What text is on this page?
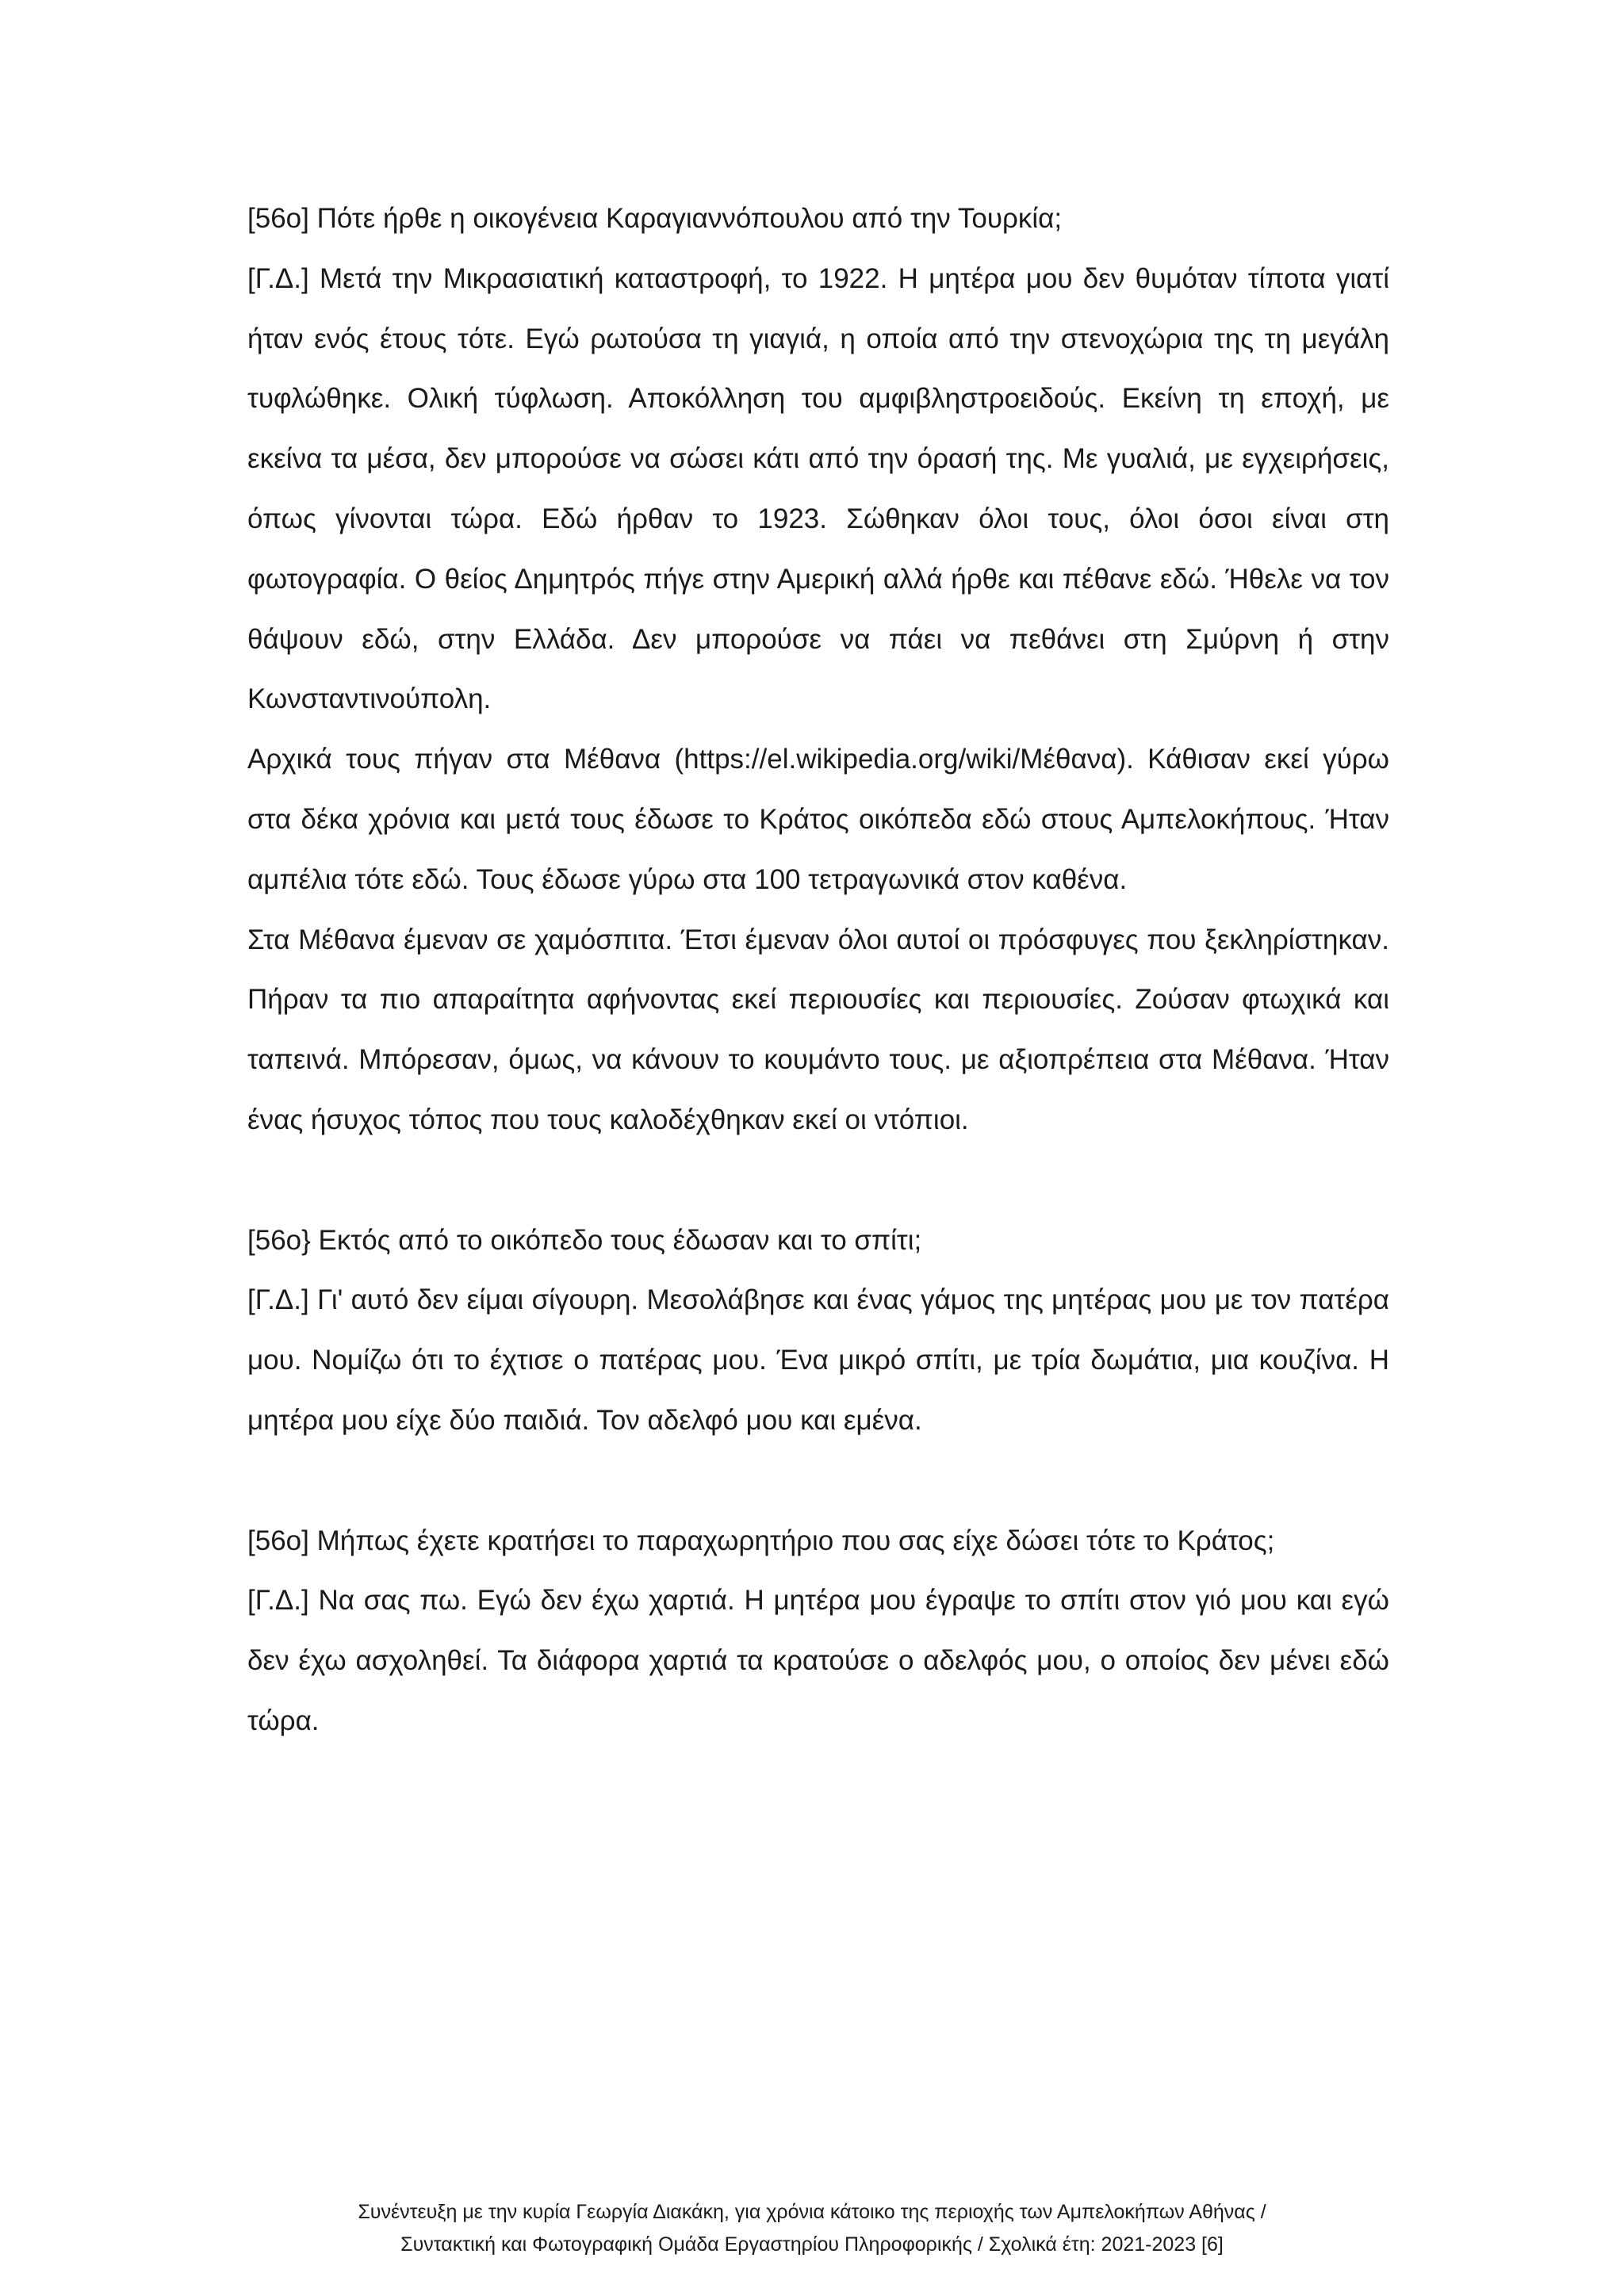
[56ο] Πότε ήρθε η οικογένεια Καραγιαννόπουλου από την Τουρκία;

[Γ.Δ.] Μετά την Μικρασιατική καταστροφή, το 1922. Η μητέρα μου δεν θυμόταν τίποτα γιατί ήταν ενός έτους τότε. Εγώ ρωτούσα τη γιαγιά, η οποία από την στενοχώρια της τη μεγάλη τυφλώθηκε. Ολική τύφλωση. Αποκόλληση του αμφιβληστροειδούς. Εκείνη τη εποχή, με εκείνα τα μέσα, δεν μπορούσε να σώσει κάτι από την όρασή της. Με γυαλιά, με εγχειρήσεις, όπως γίνονται τώρα. Εδώ ήρθαν το 1923. Σώθηκαν όλοι τους, όλοι όσοι είναι στη φωτογραφία. Ο θείος Δημητρός πήγε στην Αμερική αλλά ήρθε και πέθανε εδώ. Ήθελε να τον θάψουν εδώ, στην Ελλάδα. Δεν μπορούσε να πάει να πεθάνει στη Σμύρνη ή στην Κωνσταντινούπολη.

Αρχικά τους πήγαν στα Μέθανα (https://el.wikipedia.org/wiki/Μέθανα). Κάθισαν εκεί γύρω στα δέκα χρόνια και μετά τους έδωσε το Κράτος οικόπεδα εδώ στους Αμπελοκήπους. Ήταν αμπέλια τότε εδώ. Τους έδωσε γύρω στα 100 τετραγωνικά στον καθένα.

Στα Μέθανα έμεναν σε χαμόσπιτα. Έτσι έμεναν όλοι αυτοί οι πρόσφυγες που ξεκληρίστηκαν. Πήραν τα πιο απαραίτητα αφήνοντας εκεί περιουσίες και περιουσίες. Ζούσαν φτωχικά και ταπεινά. Μπόρεσαν, όμως, να κάνουν το κουμάντο τους. με αξιοπρέπεια στα Μέθανα. Ήταν ένας ήσυχος τόπος που τους καλοδέχθηκαν εκεί οι ντόπιοι.

[56ο} Εκτός από το οικόπεδο τους έδωσαν και το σπίτι;

[Γ.Δ.] Γι' αυτό δεν είμαι σίγουρη. Μεσολάβησε και ένας γάμος της μητέρας μου με τον πατέρα μου. Νομίζω ότι το έχτισε ο πατέρας μου. Ένα μικρό σπίτι, με τρία δωμάτια, μια κουζίνα. Η μητέρα μου είχε δύο παιδιά. Τον αδελφό μου και εμένα.

[56ο] Μήπως έχετε κρατήσει το παραχωρητήριο που σας είχε δώσει τότε το Κράτος;

[Γ.Δ.] Να σας πω. Εγώ δεν έχω χαρτιά. Η μητέρα μου έγραψε το σπίτι στον γιό μου και εγώ δεν έχω ασχοληθεί. Τα διάφορα χαρτιά τα κρατούσε ο αδελφός μου, ο οποίος δεν μένει εδώ τώρα.

Συνέντευξη με την κυρία Γεωργία Διακάκη, για χρόνια κάτοικο της περιοχής των Αμπελοκήπων Αθήνας /
Συντακτική και Φωτογραφική Ομάδα Εργαστηρίου Πληροφορικής / Σχολικά έτη: 2021-2023 [6]
